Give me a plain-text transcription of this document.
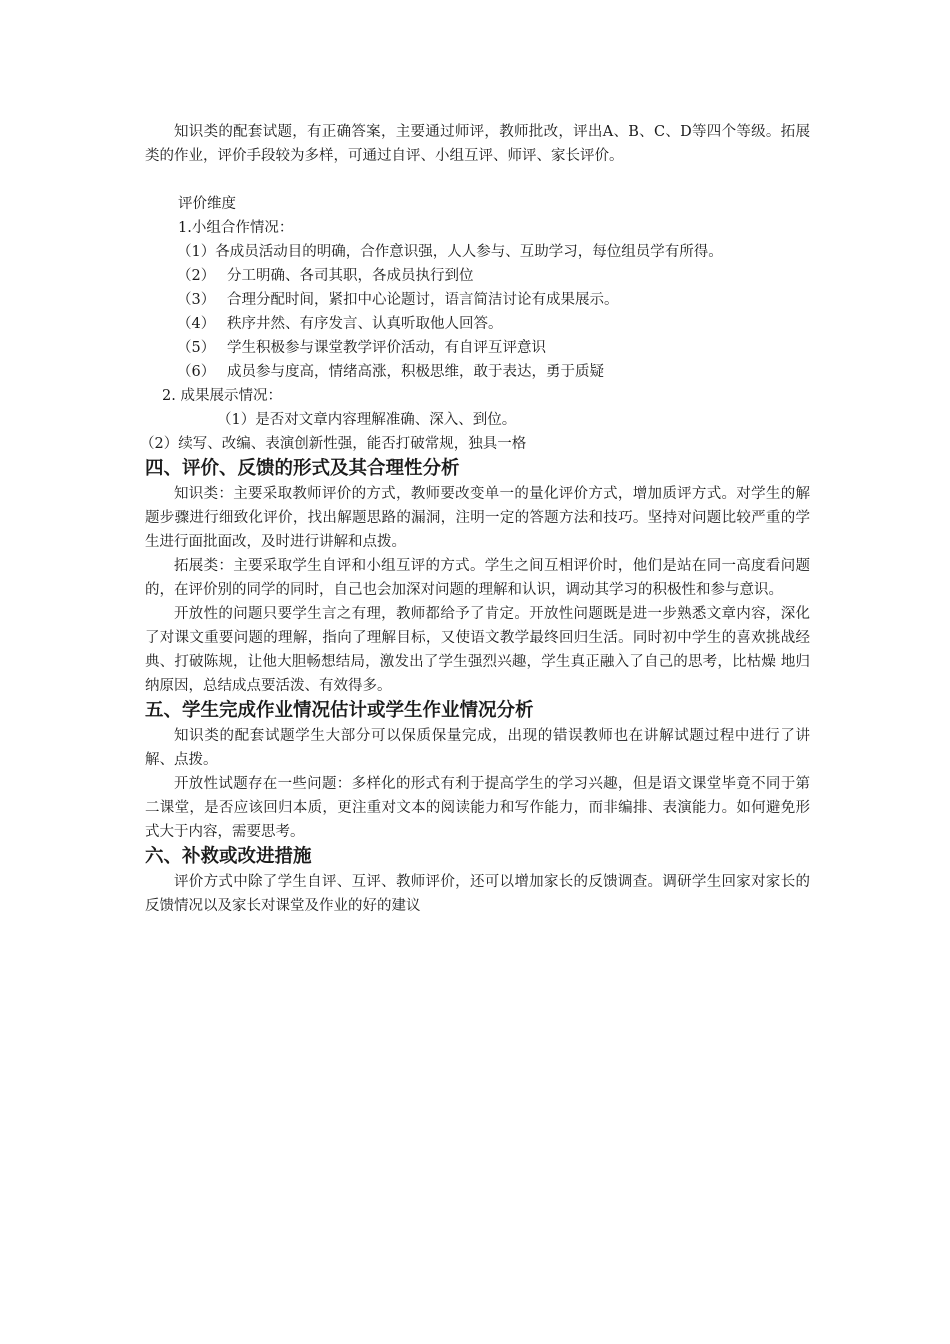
知识类的配套试题，有正确答案，主要通过师评，教师批改，评出A、B、C、D等四个等级。拓展类的作业，评价手段较为多样，可通过自评、小组互评、师评、家长评价。

评价维度

1.小组合作情况：

（1）各成员活动目的明确，合作意识强，人人参与、互助学习，每位组员学有所得。

（2） 分工明确、各司其职，各成员执行到位

（3） 合理分配时间，紧扣中心论题讨，语言简洁讨论有成果展示。

（4） 秩序井然、有序发言、认真听取他人回答。

（5） 学生积极参与课堂教学评价活动，有自评互评意识

（6） 成员参与度高，情绪高涨，积极思维，敢于表达，勇于质疑

2. 成果展示情况：

（1）是否对文章内容理解准确、深入、到位。

（2）续写、改编、表演创新性强，能否打破常规，独具一格

四、评价、反馈的形式及其合理性分析

知识类：主要采取教师评价的方式，教师要改变单一的量化评价方式，增加质评方式。对学生的解题步骤进行细致化评价，找出解题思路的漏洞，注明一定的答题方法和技巧。坚持对问题比较严重的学生进行面批面改，及时进行讲解和点拨。

拓展类：主要采取学生自评和小组互评的方式。学生之间互相评价时，他们是站在同一高度看问题的，在评价别的同学的同时，自己也会加深对问题的理解和认识，调动其学习的积极性和参与意识。

开放性的问题只要学生言之有理，教师都给予了肯定。开放性问题既是进一步熟悉文章内容，深化了对课文重要问题的理解，指向了理解目标，又使语文教学最终回归生活。同时初中学生的喜欢挑战经典、打破陈规，让他大胆畅想结局，激发出了学生强烈兴趣，学生真正融入了自己的思考，比枯燥 地归纳原因，总结成点要活泼、有效得多。

五、学生完成作业情况估计或学生作业情况分析

知识类的配套试题学生大部分可以保质保量完成，出现的错误教师也在讲解试题过程中进行了讲解、点拨。

开放性试题存在一些问题：多样化的形式有利于提高学生的学习兴趣，但是语文课堂毕竟不同于第二课堂，是否应该回归本质，更注重对文本的阅读能力和写作能力，而非编排、表演能力。如何避免形式大于内容，需要思考。

六、补救或改进措施

评价方式中除了学生自评、互评、教师评价，还可以增加家长的反馈调查。调研学生回家对家长的反馈情况以及家长对课堂及作业的好的建议
